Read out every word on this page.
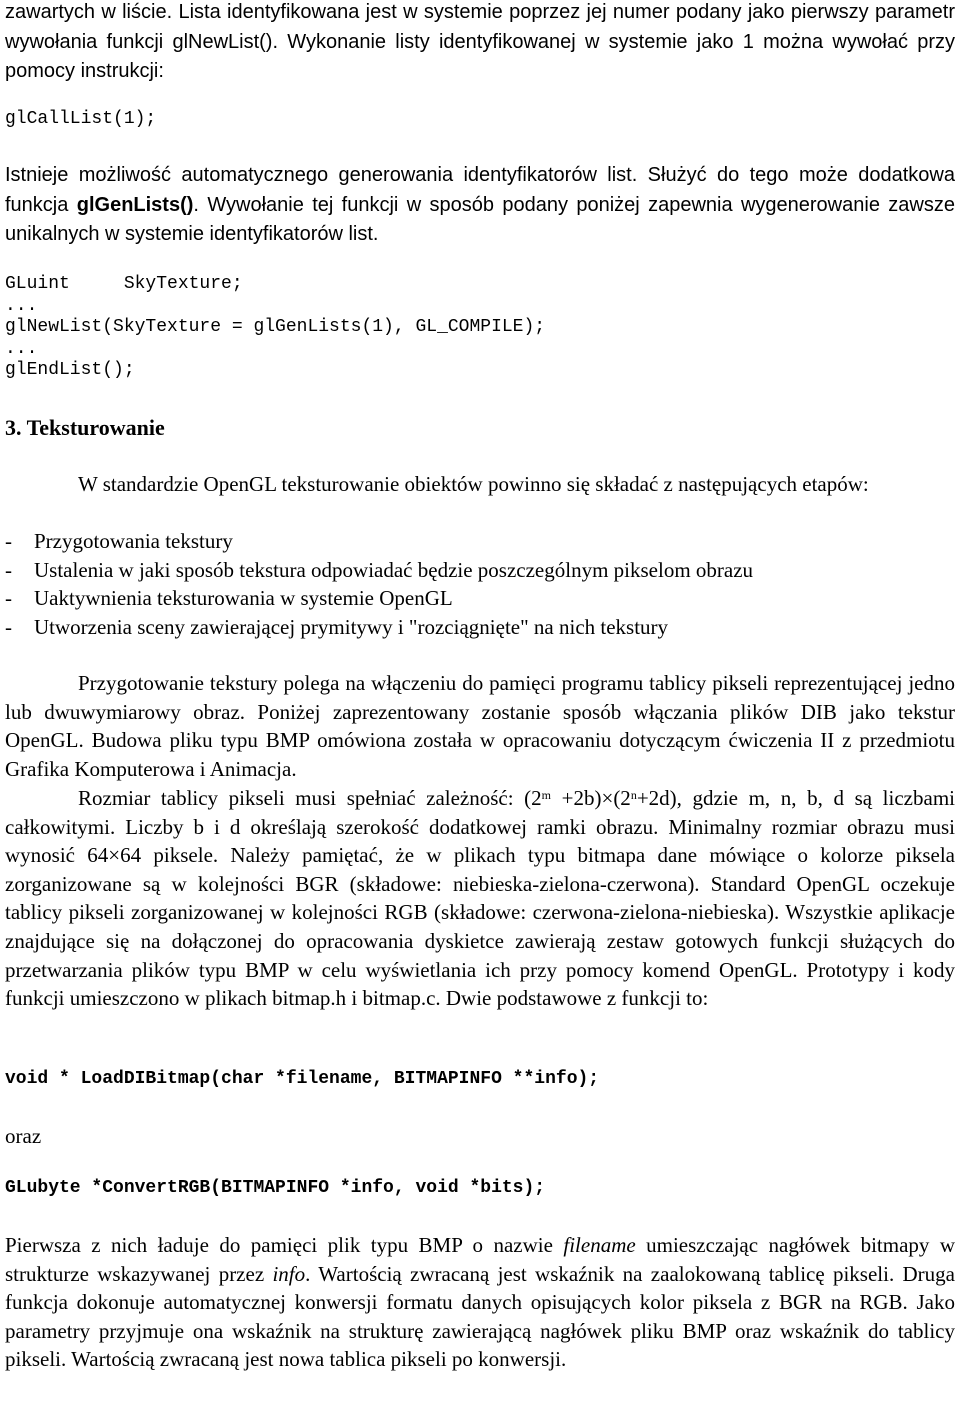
zawartych w liście. Lista identyfikowana jest w systemie poprzez jej numer podany jako pierwszy parametr wywołania funkcji glNewList(). Wykonanie listy identyfikowanej w systemie jako 1 można wywołać przy pomocy instrukcji:

glCallList(1);

Istnieje możliwość automatycznego generowania identyfikatorów list. Służyć do tego może dodatkowa funkcja glGenLists(). Wywołanie tej funkcji w sposób podany poniżej zapewnia wygenerowanie zawsze unikalnych w systemie identyfikatorów list.

GLuint     SkyTexture;
...
glNewList(SkyTexture = glGenLists(1), GL_COMPILE);
...
glEndList();
3. Teksturowanie

W standardzie OpenGL teksturowanie obiektów powinno się składać z następujących etapów:

- Przygotowania tekstury
- Ustalenia w jaki sposób tekstura odpowiadać będzie poszczególnym pikselom obrazu
- Uaktywnienia teksturowania w systemie OpenGL
- Utworzenia sceny zawierającej prymitywy i "rozciągnięte" na nich tekstury

Przygotowanie tekstury polega na włączeniu do pamięci programu tablicy pikseli reprezentującej jedno lub dwuwymiarowy obraz. Poniżej zaprezentowany zostanie sposób włączania plików DIB jako tekstur OpenGL. Budowa pliku typu BMP omówiona została w opracowaniu dotyczącym ćwiczenia II z przedmiotu Grafika Komputerowa i Animacja.

Rozmiar tablicy pikseli musi spełniać zależność: $(2^m +2b)\times(2^n+2d)$, gdzie m, n, b, d są liczbami całkowitymi. Liczby b i d określają szerokość dodatkowej ramki obrazu. Minimalny rozmiar obrazu musi wynosić 64×64 piksele. Należy pamiętać, że w plikach typu bitmapa dane mówiące o kolorze piksela zorganizowane są w kolejności BGR (składowe: niebieska-zielona-czerwona). Standard OpenGL oczekuje tablicy pikseli zorganizowanej w kolejności RGB (składowe: czerwona-zielona-niebieska). Wszystkie aplikacje znajdujące się na dołączonej do opracowania dyskietce zawierają zestaw gotowych funkcji służących do przetwarzania plików typu BMP w celu wyświetlania ich przy pomocy komend OpenGL. Prototypy i kody funkcji umieszczono w plikach bitmap.h i bitmap.c. Dwie podstawowe z funkcji to:

void * LoadDIBitmap(char *filename, BITMAPINFO **info);

oraz

GLubyte *ConvertRGB(BITMAPINFO *info, void *bits);

Pierwsza z nich ładuje do pamięci plik typu BMP o nazwie filename umieszczając nagłówek bitmapy w strukturze wskazywanej przez info. Wartością zwracaną jest wskaźnik na zaalokowaną tablicę pikseli. Druga funkcja dokonuje automatycznej konwersji formatu danych opisujących kolor piksela z BGR na RGB. Jako parametry przyjmuje ona wskaźnik na strukturę zawierającą nagłówek pliku BMP oraz wskaźnik do tablicy pikseli. Wartością zwracaną jest nowa tablica pikseli po konwersji.
